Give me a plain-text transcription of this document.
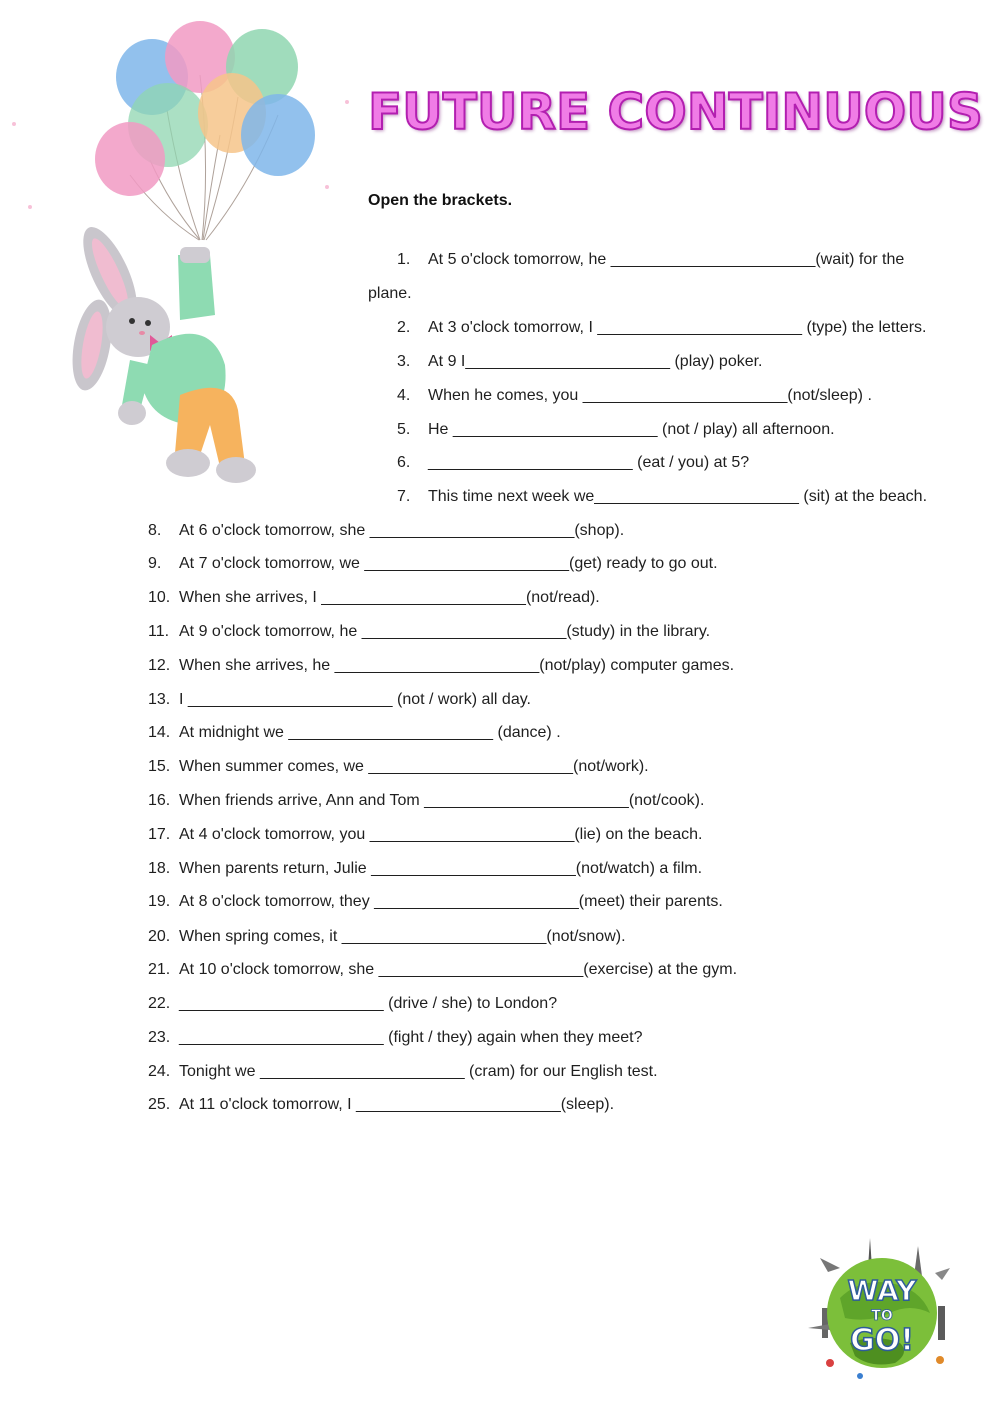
FUTURE CONTINUOUS
Open the brackets.
1. At 5 o'clock tomorrow, he _______________________(wait) for the
plane.
2. At 3 o'clock tomorrow, I _______________________ (type) the letters.
3. At 9 I_______________________ (play) poker.
4. When he comes, you _______________________(not/sleep) .
5. He _______________________ (not / play) all afternoon.
6. _______________________ (eat / you) at 5?
7. This time next week we_______________________ (sit) at the beach.
8. At 6 o'clock tomorrow, she _______________________(shop).
9. At 7 o'clock tomorrow, we _______________________(get) ready to go out.
10. When she arrives, I _______________________(not/read).
11. At 9 o'clock tomorrow, he _______________________(study) in the library.
12. When she arrives, he _______________________(not/play) computer games.
13. I _______________________ (not / work) all day.
14. At midnight we _______________________ (dance) .
15. When summer comes, we _______________________(not/work).
16. When friends arrive, Ann and Tom _______________________(not/cook).
17. At 4 o'clock tomorrow, you _______________________(lie) on the beach.
18. When parents return, Julie _______________________(not/watch) a film.
19. At 8 o'clock tomorrow, they _______________________(meet) their parents.
20. When spring comes, it _______________________(not/snow).
21. At 10 o'clock tomorrow, she _______________________(exercise) at the gym.
22. _______________________ (drive / she) to London?
23. _______________________ (fight / they) again when they meet?
24. Tonight we _______________________ (cram) for our English test.
25. At 11 o'clock tomorrow, I _______________________(sleep).
WAY
TO
GO!
